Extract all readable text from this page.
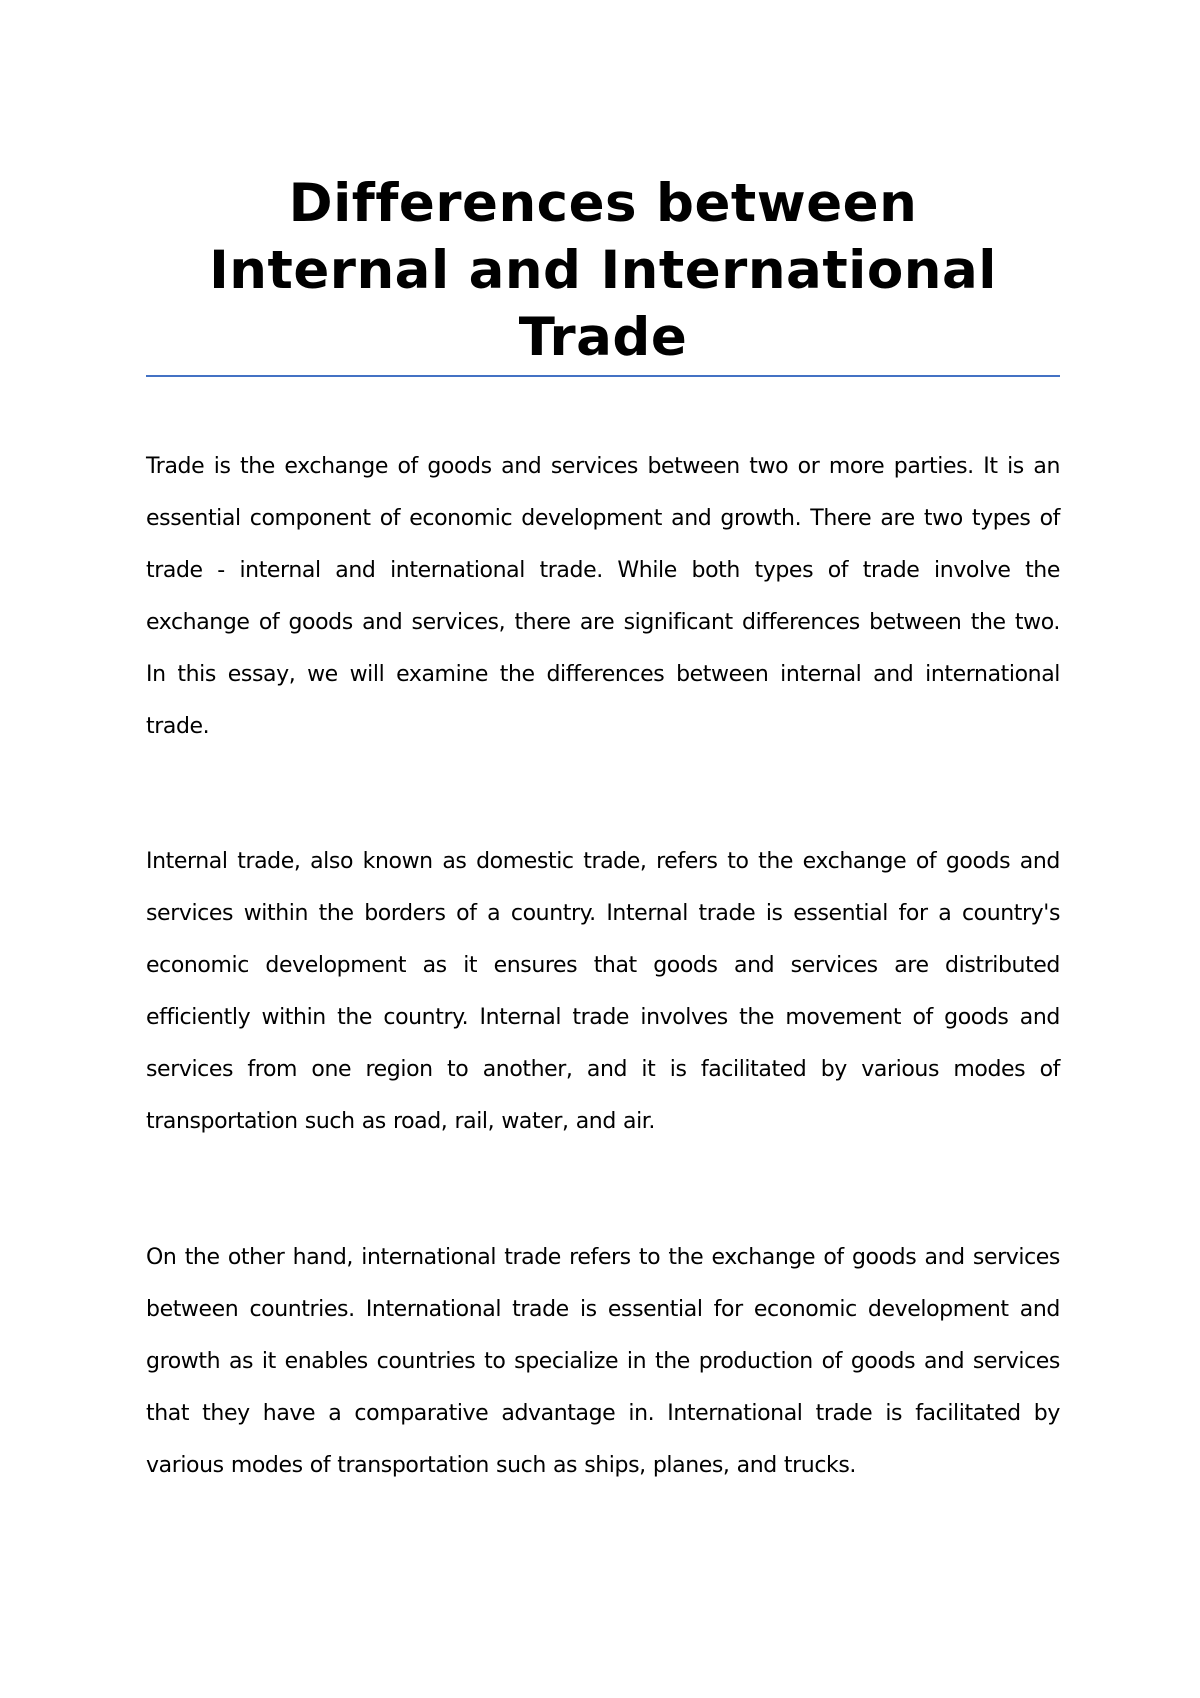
Differences between
Internal and International
Trade

Trade is the exchange of goods and services between two or more parties. It is an essential component of economic development and growth. There are two types of trade - internal and international trade. While both types of trade involve the exchange of goods and services, there are significant differences between the two. In this essay, we will examine the differences between internal and international trade.

Internal trade, also known as domestic trade, refers to the exchange of goods and services within the borders of a country. Internal trade is essential for a country's economic development as it ensures that goods and services are distributed efficiently within the country. Internal trade involves the movement of goods and services from one region to another, and it is facilitated by various modes of transportation such as road, rail, water, and air.

On the other hand, international trade refers to the exchange of goods and services between countries. International trade is essential for economic development and growth as it enables countries to specialize in the production of goods and services that they have a comparative advantage in. International trade is facilitated by various modes of transportation such as ships, planes, and trucks.
